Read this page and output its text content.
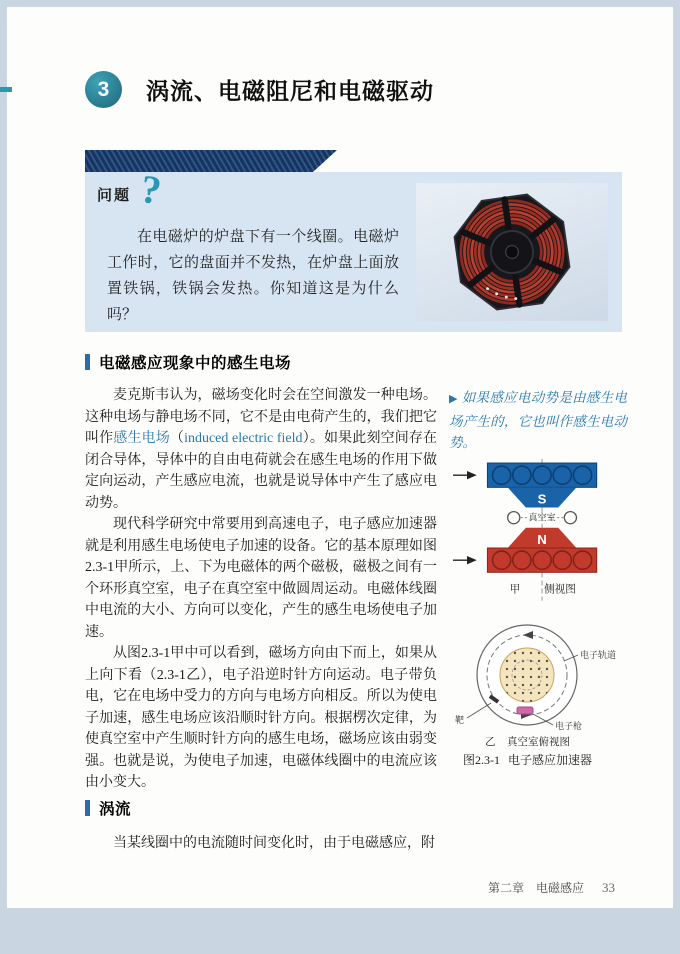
3	涡流、电磁阻尼和电磁驱动
问题 ?

在电磁炉的炉盘下有一个线圈。电磁炉工作时，它的盘面并不发热，在炉盘上面放置铁锅，铁锅会发热。你知道这是为什么吗？

电磁感应现象中的感生电场

麦克斯韦认为，磁场变化时会在空间激发一种电场。这种电场与静电场不同，它不是由电荷产生的，我们把它叫作感生电场（induced electric field）。如果此刻空间存在闭合导体，导体中的自由电荷就会在感生电场的作用下做定向运动，产生感应电流，也就是说导体中产生了感应电动势。

现代科学研究中常要用到高速电子，电子感应加速器就是利用感生电场使电子加速的设备。它的基本原理如图2.3-1甲所示，上、下为电磁体的两个磁极，磁极之间有一个环形真空室，电子在真空室中做圆周运动。电磁体线圈中电流的大小、方向可以变化，产生的感生电场使电子加速。

从图2.3-1甲中可以看到，磁场方向由下而上，如果从上向下看（2.3-1乙），电子沿逆时针方向运动。电子带负电，它在电场中受力的方向与电场方向相反。所以为使电子加速，感生电场应该沿顺时针方向。根据楞次定律，为使真空室中产生顺时针方向的感生电场，磁场应该由弱变强。也就是说，为使电子加速，电磁体线圈中的电流应该由小变大。

▶ 如果感应电动势是由感生电场产生的，它也叫作感生电动势。
S
真空室
N
甲 侧视图
靶
电子枪
电子轨道
乙 真空室俯视图
图2.3-1 电子感应加速器
涡流

当某线圈中的电流随时间变化时，由于电磁感应，附

第二章　电磁感应 33
